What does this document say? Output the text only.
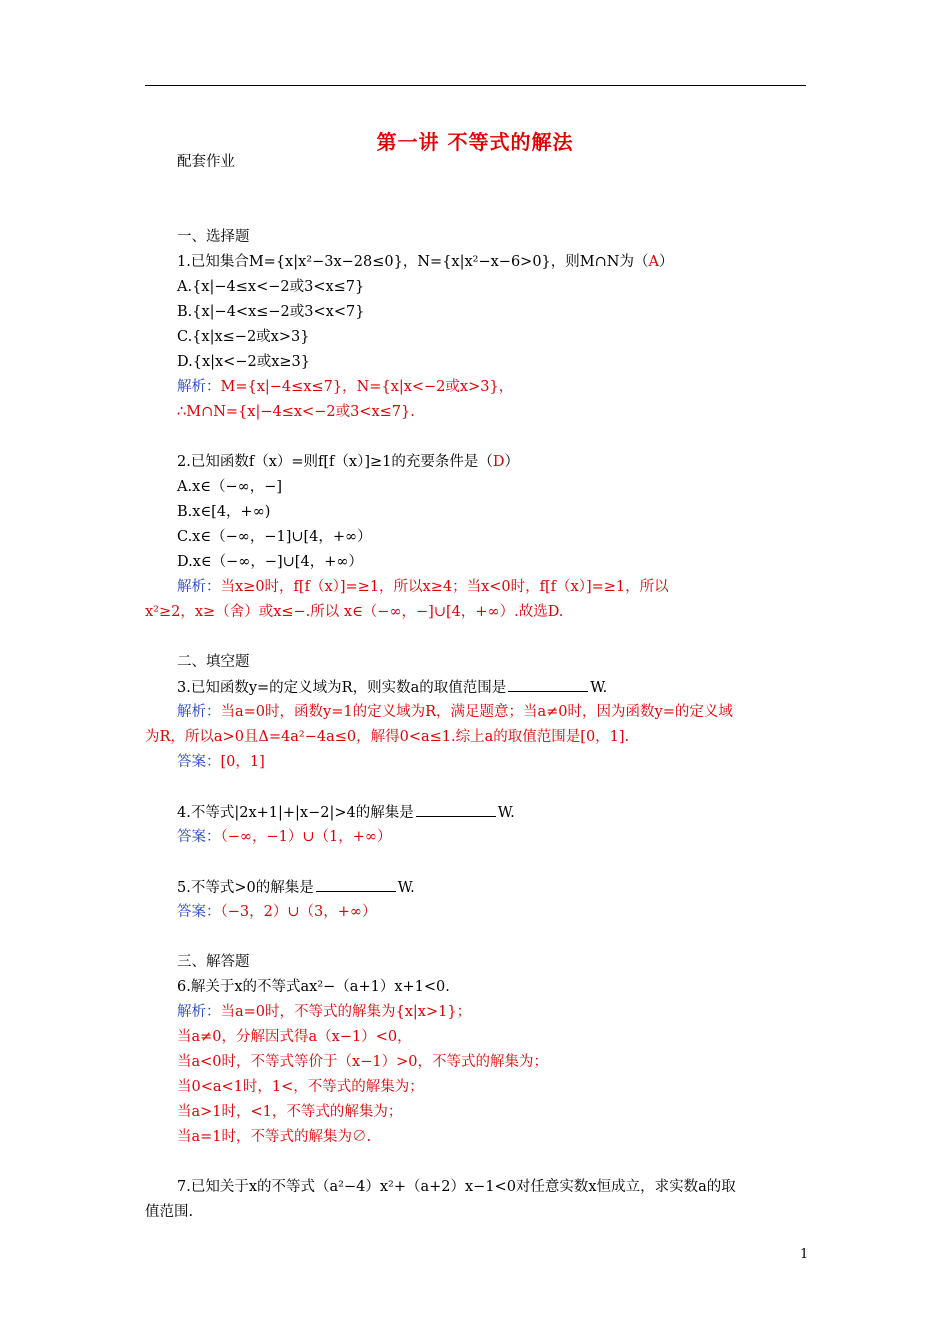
第一讲 不等式的解法
配套作业
一、选择题
1.已知集合M={x|x²−3x−28≤0}，N={x|x²−x−6>0}，则M∩N为（A）
A.{x|−4≤x<−2或3<x≤7}
B.{x|−4<x≤−2或3<x<7}
C.{x|x≤−2或x>3}
D.{x|x<−2或x≥3}
解析：M={x|−4≤x≤7}，N={x|x<−2或x>3}，
∴M∩N={x|−4≤x<−2或3<x≤7}.
2.已知函数f（x）=则f[f（x）]≥1的充要条件是（D）
A.x∈（−∞，−]
B.x∈[4，+∞)
C.x∈（−∞，−1]∪[4，+∞）
D.x∈（−∞，−]∪[4，+∞）
解析：当x≥0时，f[f（x）]=≥1，所以x≥4；当x<0时，f[f（x）]=≥1，所以
x²≥2，x≥（舍）或x≤−.所以 x∈（−∞，−]∪[4，+∞）.故选D.
二、填空题
3.已知函数y=的定义域为R，则实数a的取值范围是	W.
解析：当a=0时，函数y=1的定义域为R，满足题意；当a≠0时，因为函数y=的定义域
为R，所以a>0且Δ=4a²−4a≤0，解得0<a≤1.综上a的取值范围是[0，1].
答案：[0，1]
4.不等式|2x+1|+|x−2|>4的解集是	W.
答案：（−∞，−1）∪（1，+∞）
5.不等式>0的解集是	W.
答案：（−3，2）∪（3，+∞）
三、解答题
6.解关于x的不等式ax²−（a+1）x+1<0.
解析：当a=0时，不等式的解集为{x|x>1}；
当a≠0，分解因式得a（x−1）<0，
当a<0时，不等式等价于（x−1）>0，不等式的解集为；
当0<a<1时，1<，不等式的解集为；
当a>1时，<1，不等式的解集为；
当a=1时，不等式的解集为∅.
7.已知关于x的不等式（a²−4）x²+（a+2）x−1<0对任意实数x恒成立，求实数a的取
值范围.
1
